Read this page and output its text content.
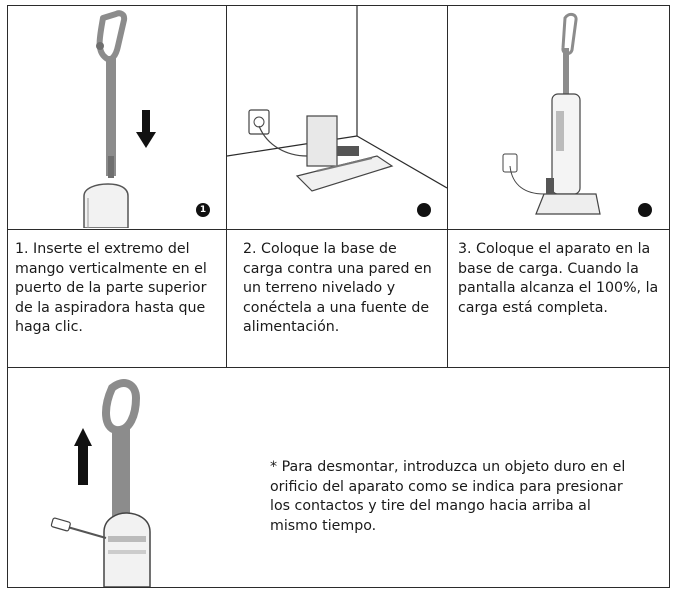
1
1. Inserte el extremo del mango verticalmente en el puerto de la parte superior de la aspiradora hasta que haga clic.
2. Coloque la base de carga contra una pared en un terreno nivelado y conéctela a una fuente de alimentación.
3. Coloque el aparato en la base de carga. Cuando la pantalla alcanza el 100%, la carga está completa.
* Para desmontar, introduzca un objeto duro en el orificio del aparato como se indica para presionar los contactos y tire del mango hacia arriba al mismo tiempo.
